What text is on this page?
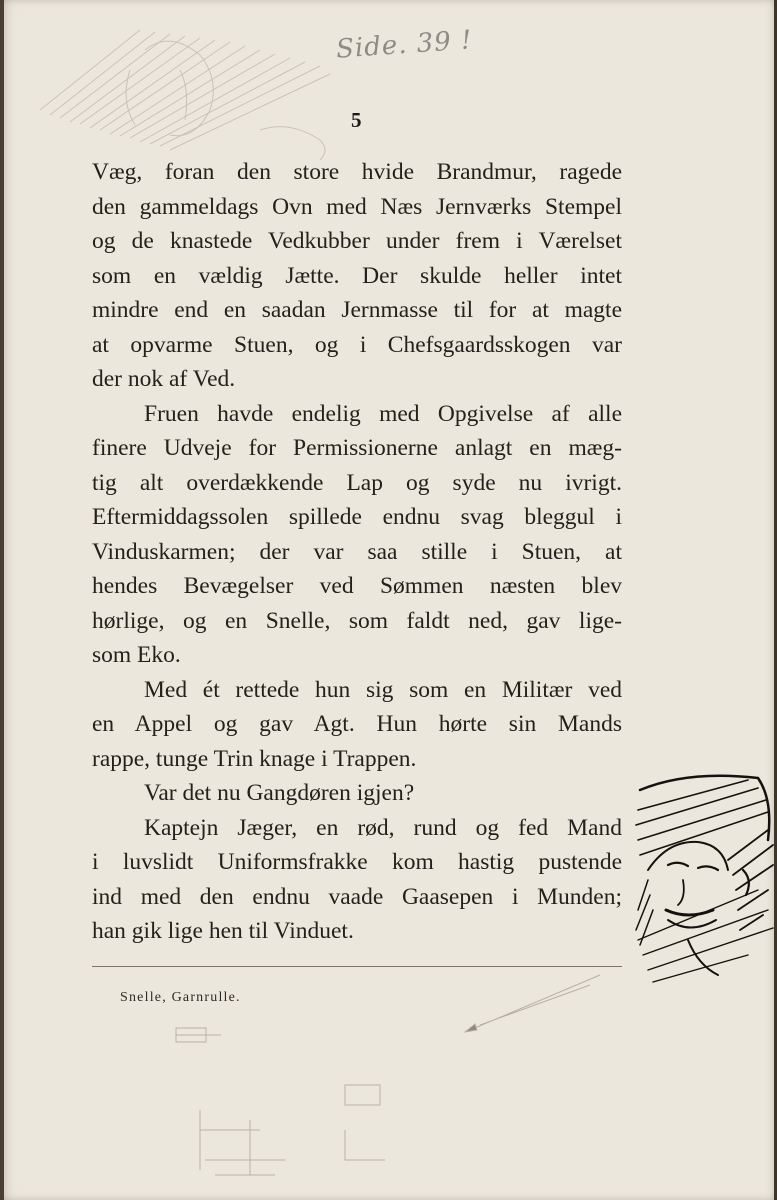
Side. 39 !
5
Væg, foran den store hvide Brandmur, ragede
den gammeldags Ovn med Næs Jernværks Stempel
og de knastede Vedkubber under frem i Værelset
som en vældig Jætte. Der skulde heller intet
mindre end en saadan Jernmasse til for at magte
at opvarme Stuen, og i Chefsgaardsskogen var
der nok af Ved.
Fruen havde endelig med Opgivelse af alle
finere Udveje for Permissionerne anlagt en mæg-
tig alt overdækkende Lap og syde nu ivrigt.
Eftermiddagssolen spillede endnu svag bleggul i
Vinduskarmen; der var saa stille i Stuen, at
hendes Bevægelser ved Sømmen næsten blev
hørlige, og en Snelle, som faldt ned, gav lige-
som Eko.
Med ét rettede hun sig som en Militær ved
en Appel og gav Agt. Hun hørte sin Mands
rappe, tunge Trin knage i Trappen.
Var det nu Gangdøren igjen?
Kaptejn Jæger, en rød, rund og fed Mand
i luvslidt Uniformsfrakke kom hastig pustende
ind med den endnu vaade Gaasepen i Munden;
han gik lige hen til Vinduet.
Snelle, Garnrulle.
